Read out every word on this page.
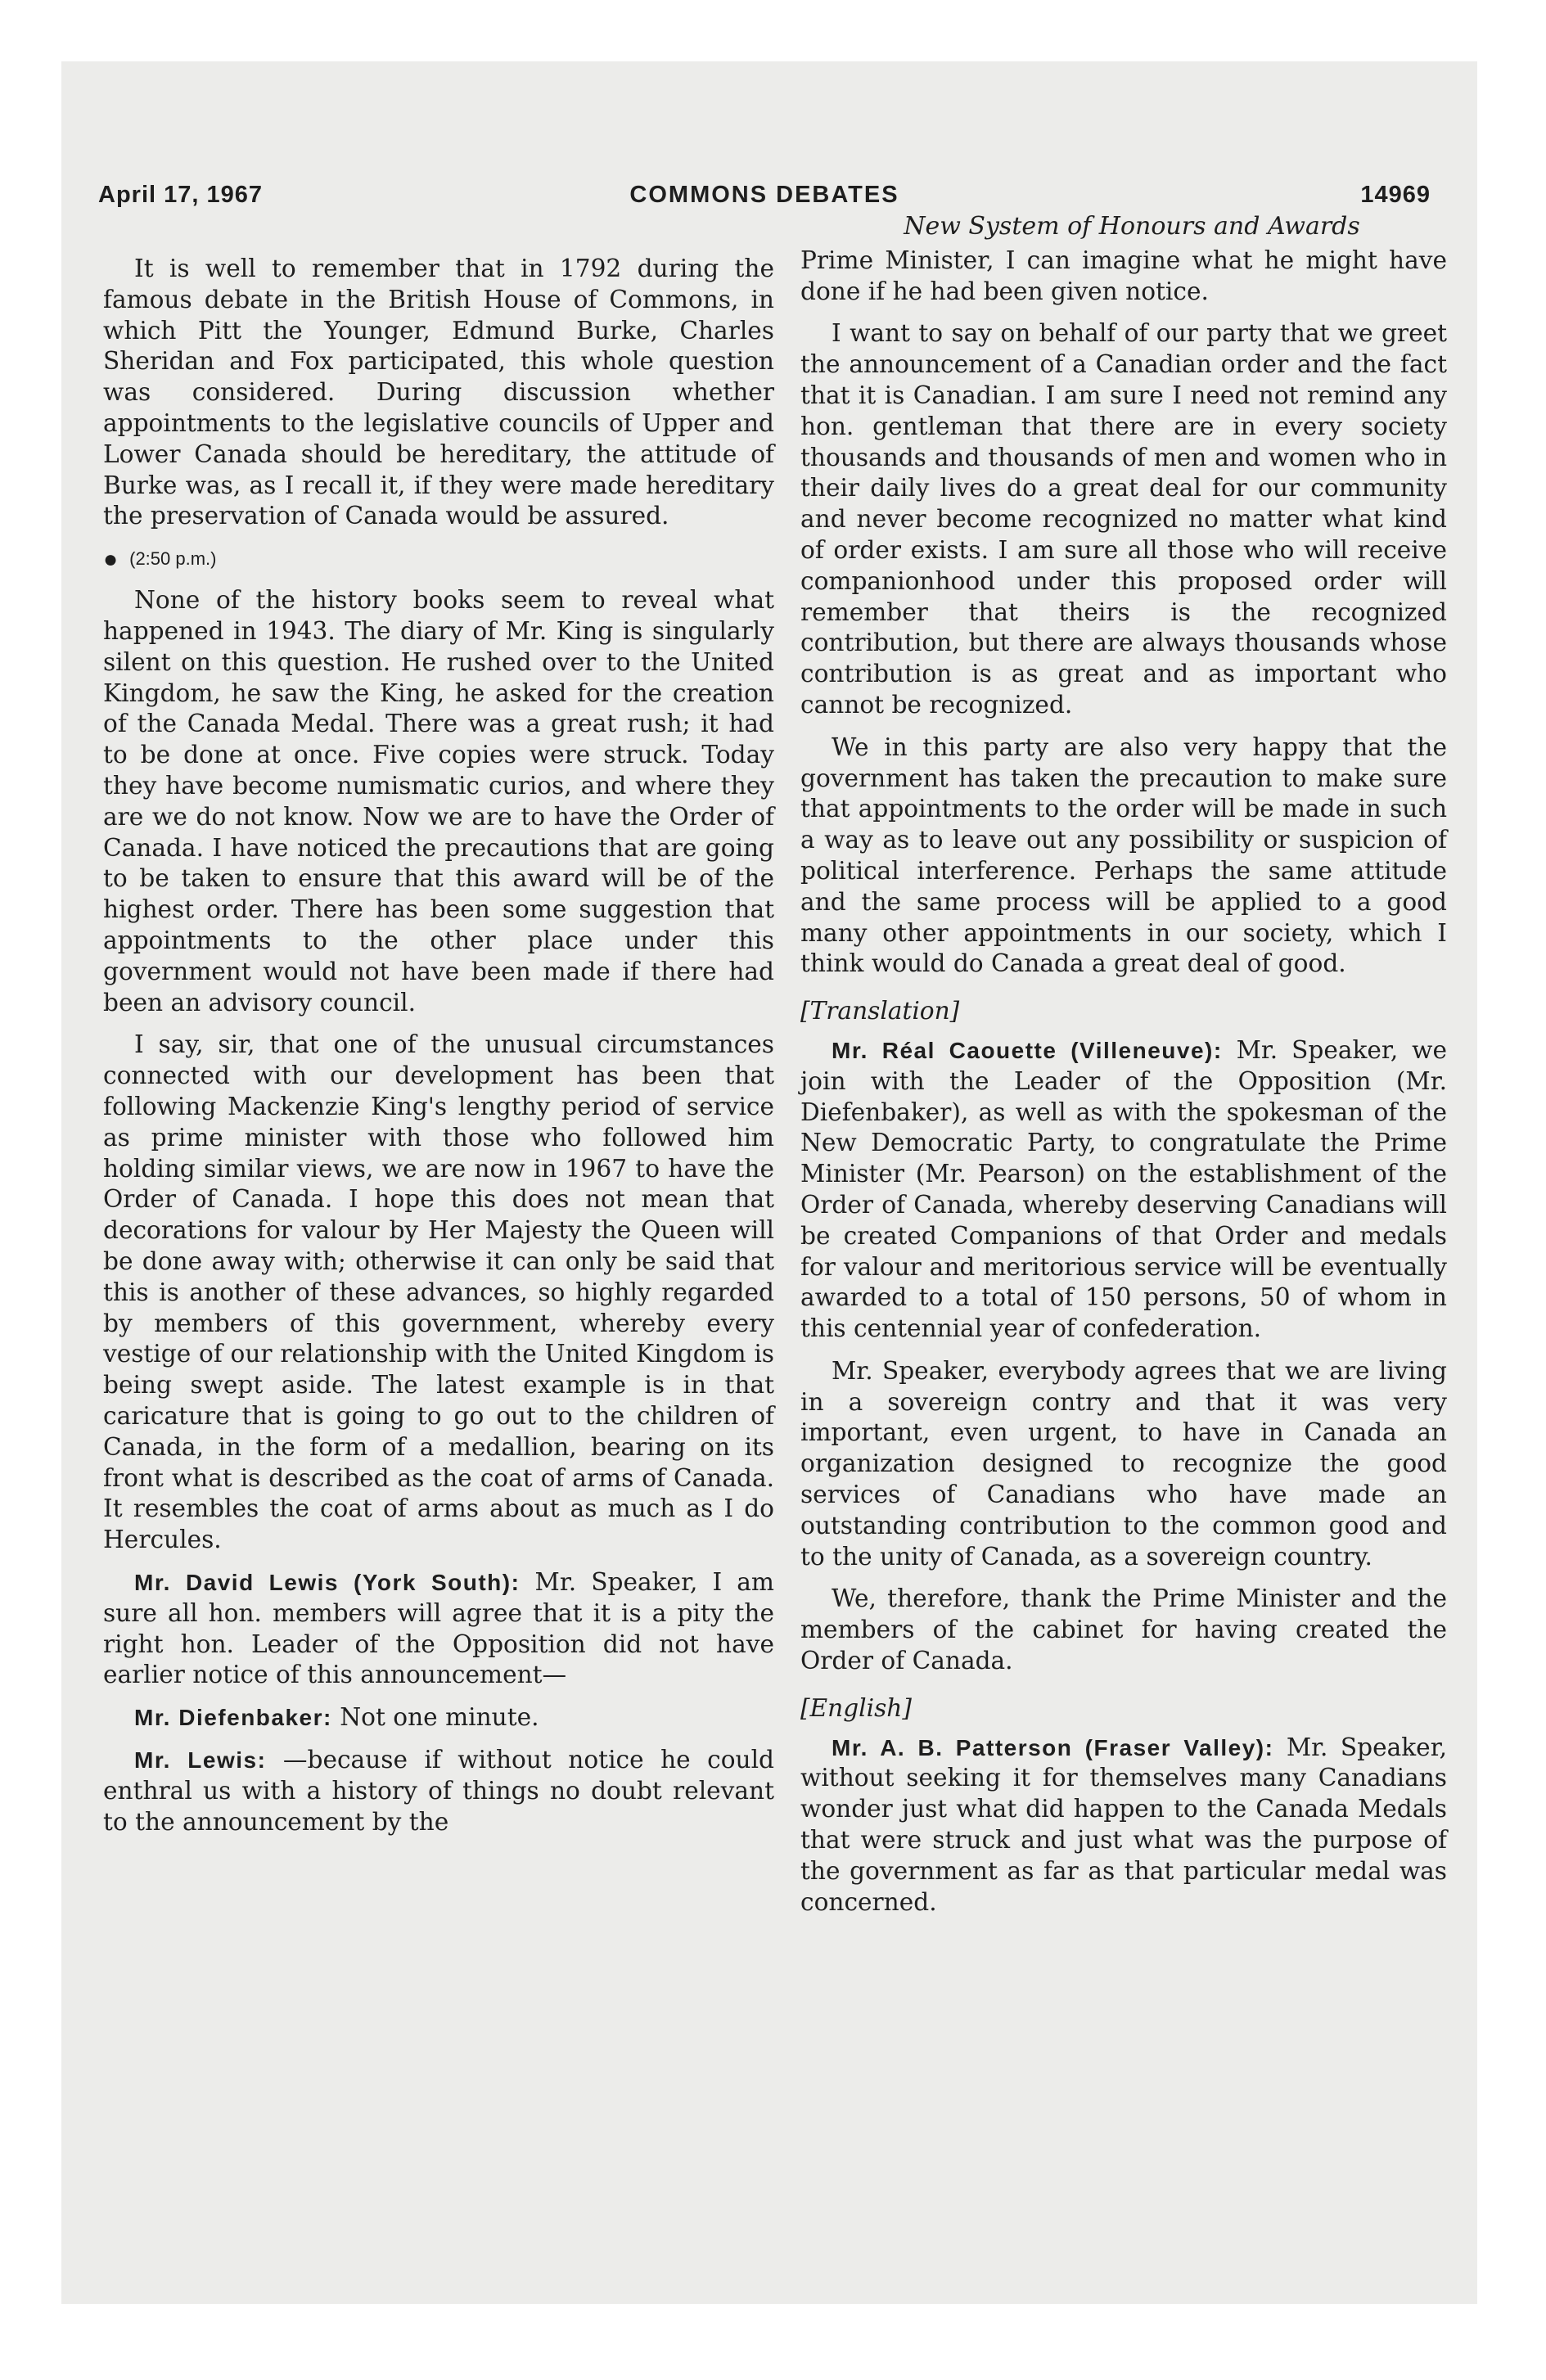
COMMONS DEBATES
April 17, 1967	14969

It is well to remember that in 1792 during the famous debate in the British House of Commons, in which Pitt the Younger, Edmund Burke, Charles Sheridan and Fox participated, this whole question was considered. During discussion whether appointments to the legislative councils of Upper and Lower Canada should be hereditary, the attitude of Burke was, as I recall it, if they were made hereditary the preservation of Canada would be assured.

● (2:50 p.m.)

None of the history books seem to reveal what happened in 1943. The diary of Mr. King is singularly silent on this question. He rushed over to the United Kingdom, he saw the King, he asked for the creation of the Canada Medal. There was a great rush; it had to be done at once. Five copies were struck. Today they have become numismatic curios, and where they are we do not know. Now we are to have the Order of Canada. I have noticed the precautions that are going to be taken to ensure that this award will be of the highest order. There has been some suggestion that appointments to the other place under this government would not have been made if there had been an advisory council.

I say, sir, that one of the unusual circumstances connected with our development has been that following Mackenzie King's lengthy period of service as prime minister with those who followed him holding similar views, we are now in 1967 to have the Order of Canada. I hope this does not mean that decorations for valour by Her Majesty the Queen will be done away with; otherwise it can only be said that this is another of these advances, so highly regarded by members of this government, whereby every vestige of our relationship with the United Kingdom is being swept aside. The latest example is in that caricature that is going to go out to the children of Canada, in the form of a medallion, bearing on its front what is described as the coat of arms of Canada. It resembles the coat of arms about as much as I do Hercules.

Mr. David Lewis (York South): Mr. Speaker, I am sure all hon. members will agree that it is a pity the right hon. Leader of the Opposition did not have earlier notice of this announcement—

Mr. Diefenbaker: Not one minute.

Mr. Lewis: —because if without notice he could enthral us with a history of things no doubt relevant to the announcement by the

New System of Honours and Awards

Prime Minister, I can imagine what he might have done if he had been given notice.

I want to say on behalf of our party that we greet the announcement of a Canadian order and the fact that it is Canadian. I am sure I need not remind any hon. gentleman that there are in every society thousands and thousands of men and women who in their daily lives do a great deal for our community and never become recognized no matter what kind of order exists. I am sure all those who will receive companionhood under this proposed order will remember that theirs is the recognized contribution, but there are always thousands whose contribution is as great and as important who cannot be recognized.

We in this party are also very happy that the government has taken the precaution to make sure that appointments to the order will be made in such a way as to leave out any possibility or suspicion of political interference. Perhaps the same attitude and the same process will be applied to a good many other appointments in our society, which I think would do Canada a great deal of good.

[Translation]

Mr. Réal Caouette (Villeneuve): Mr. Speaker, we join with the Leader of the Opposition (Mr. Diefenbaker), as well as with the spokesman of the New Democratic Party, to congratulate the Prime Minister (Mr. Pearson) on the establishment of the Order of Canada, whereby deserving Canadians will be created Companions of that Order and medals for valour and meritorious service will be eventually awarded to a total of 150 persons, 50 of whom in this centennial year of confederation.

Mr. Speaker, everybody agrees that we are living in a sovereign contry and that it was very important, even urgent, to have in Canada an organization designed to recognize the good services of Canadians who have made an outstanding contribution to the common good and to the unity of Canada, as a sovereign country.

We, therefore, thank the Prime Minister and the members of the cabinet for having created the Order of Canada.

[English]

Mr. A. B. Patterson (Fraser Valley): Mr. Speaker, without seeking it for themselves many Canadians wonder just what did happen to the Canada Medals that were struck and just what was the purpose of the government as far as that particular medal was concerned.
